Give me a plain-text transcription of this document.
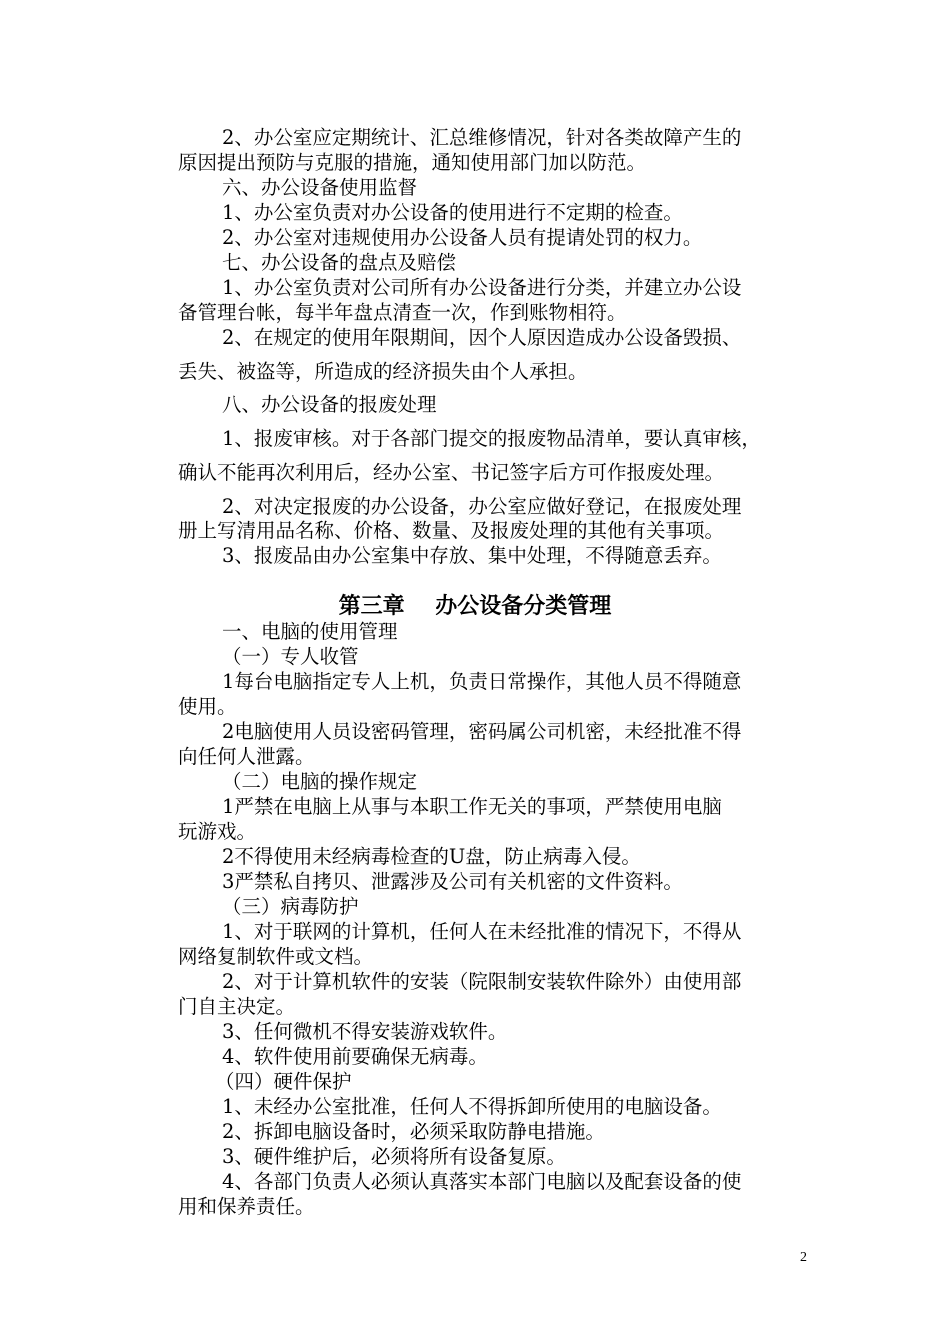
2、办公室应定期统计、汇总维修情况，针对各类故障产生的
原因提出预防与克服的措施，通知使用部门加以防范。
六、办公设备使用监督
1、办公室负责对办公设备的使用进行不定期的检查。
2、办公室对违规使用办公设备人员有提请处罚的权力。
七、办公设备的盘点及赔偿
1、办公室负责对公司所有办公设备进行分类，并建立办公设
备管理台帐，每半年盘点清查一次，作到账物相符。
2、在规定的使用年限期间，因个人原因造成办公设备毁损、
丢失、被盗等，所造成的经济损失由个人承担。
八、办公设备的报废处理
1、报废审核。对于各部门提交的报废物品清单，要认真审核，
确认不能再次利用后，经办公室、书记签字后方可作报废处理。
2、对决定报废的办公设备，办公室应做好登记，在报废处理
册上写清用品名称、价格、数量、及报废处理的其他有关事项。
3、报废品由办公室集中存放、集中处理，不得随意丢弃。
第三章    办公设备分类管理
一、电脑的使用管理
（一）专人收管
1每台电脑指定专人上机，负责日常操作，其他人员不得随意
使用。
2电脑使用人员设密码管理，密码属公司机密，未经批准不得
向任何人泄露。
（二）电脑的操作规定
1严禁在电脑上从事与本职工作无关的事项，严禁使用电脑
玩游戏。
2不得使用未经病毒检查的U盘，防止病毒入侵。
3严禁私自拷贝、泄露涉及公司有关机密的文件资料。
（三）病毒防护
1、对于联网的计算机，任何人在未经批准的情况下，不得从
网络复制软件或文档。
2、对于计算机软件的安装（院限制安装软件除外）由使用部
门自主决定。
3、任何微机不得安装游戏软件。
4、软件使用前要确保无病毒。
（四）硬件保护
1、未经办公室批准，任何人不得拆卸所使用的电脑设备。
2、拆卸电脑设备时，必须采取防静电措施。
3、硬件维护后，必须将所有设备复原。
4、各部门负责人必须认真落实本部门电脑以及配套设备的使
用和保养责任。
2
